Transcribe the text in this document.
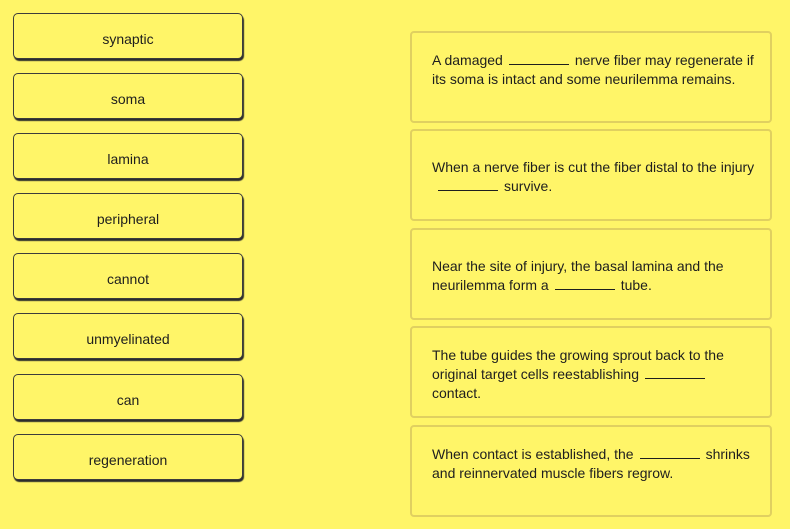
synaptic
soma
lamina
peripheral
cannot
unmyelinated
can
regeneration
A damaged	nerve fiber may regenerate if its soma is intact and some neurilemma remains.
When a nerve fiber is cut the fiber distal to the injurysurvive.
Near the site of injury, the basal lamina and the neurilemma form a	tube.
The tube guides the growing sprout back to the original target cells reestablishingcontact.
When contact is established, the	shrinks and reinnervated muscle fibers regrow.
